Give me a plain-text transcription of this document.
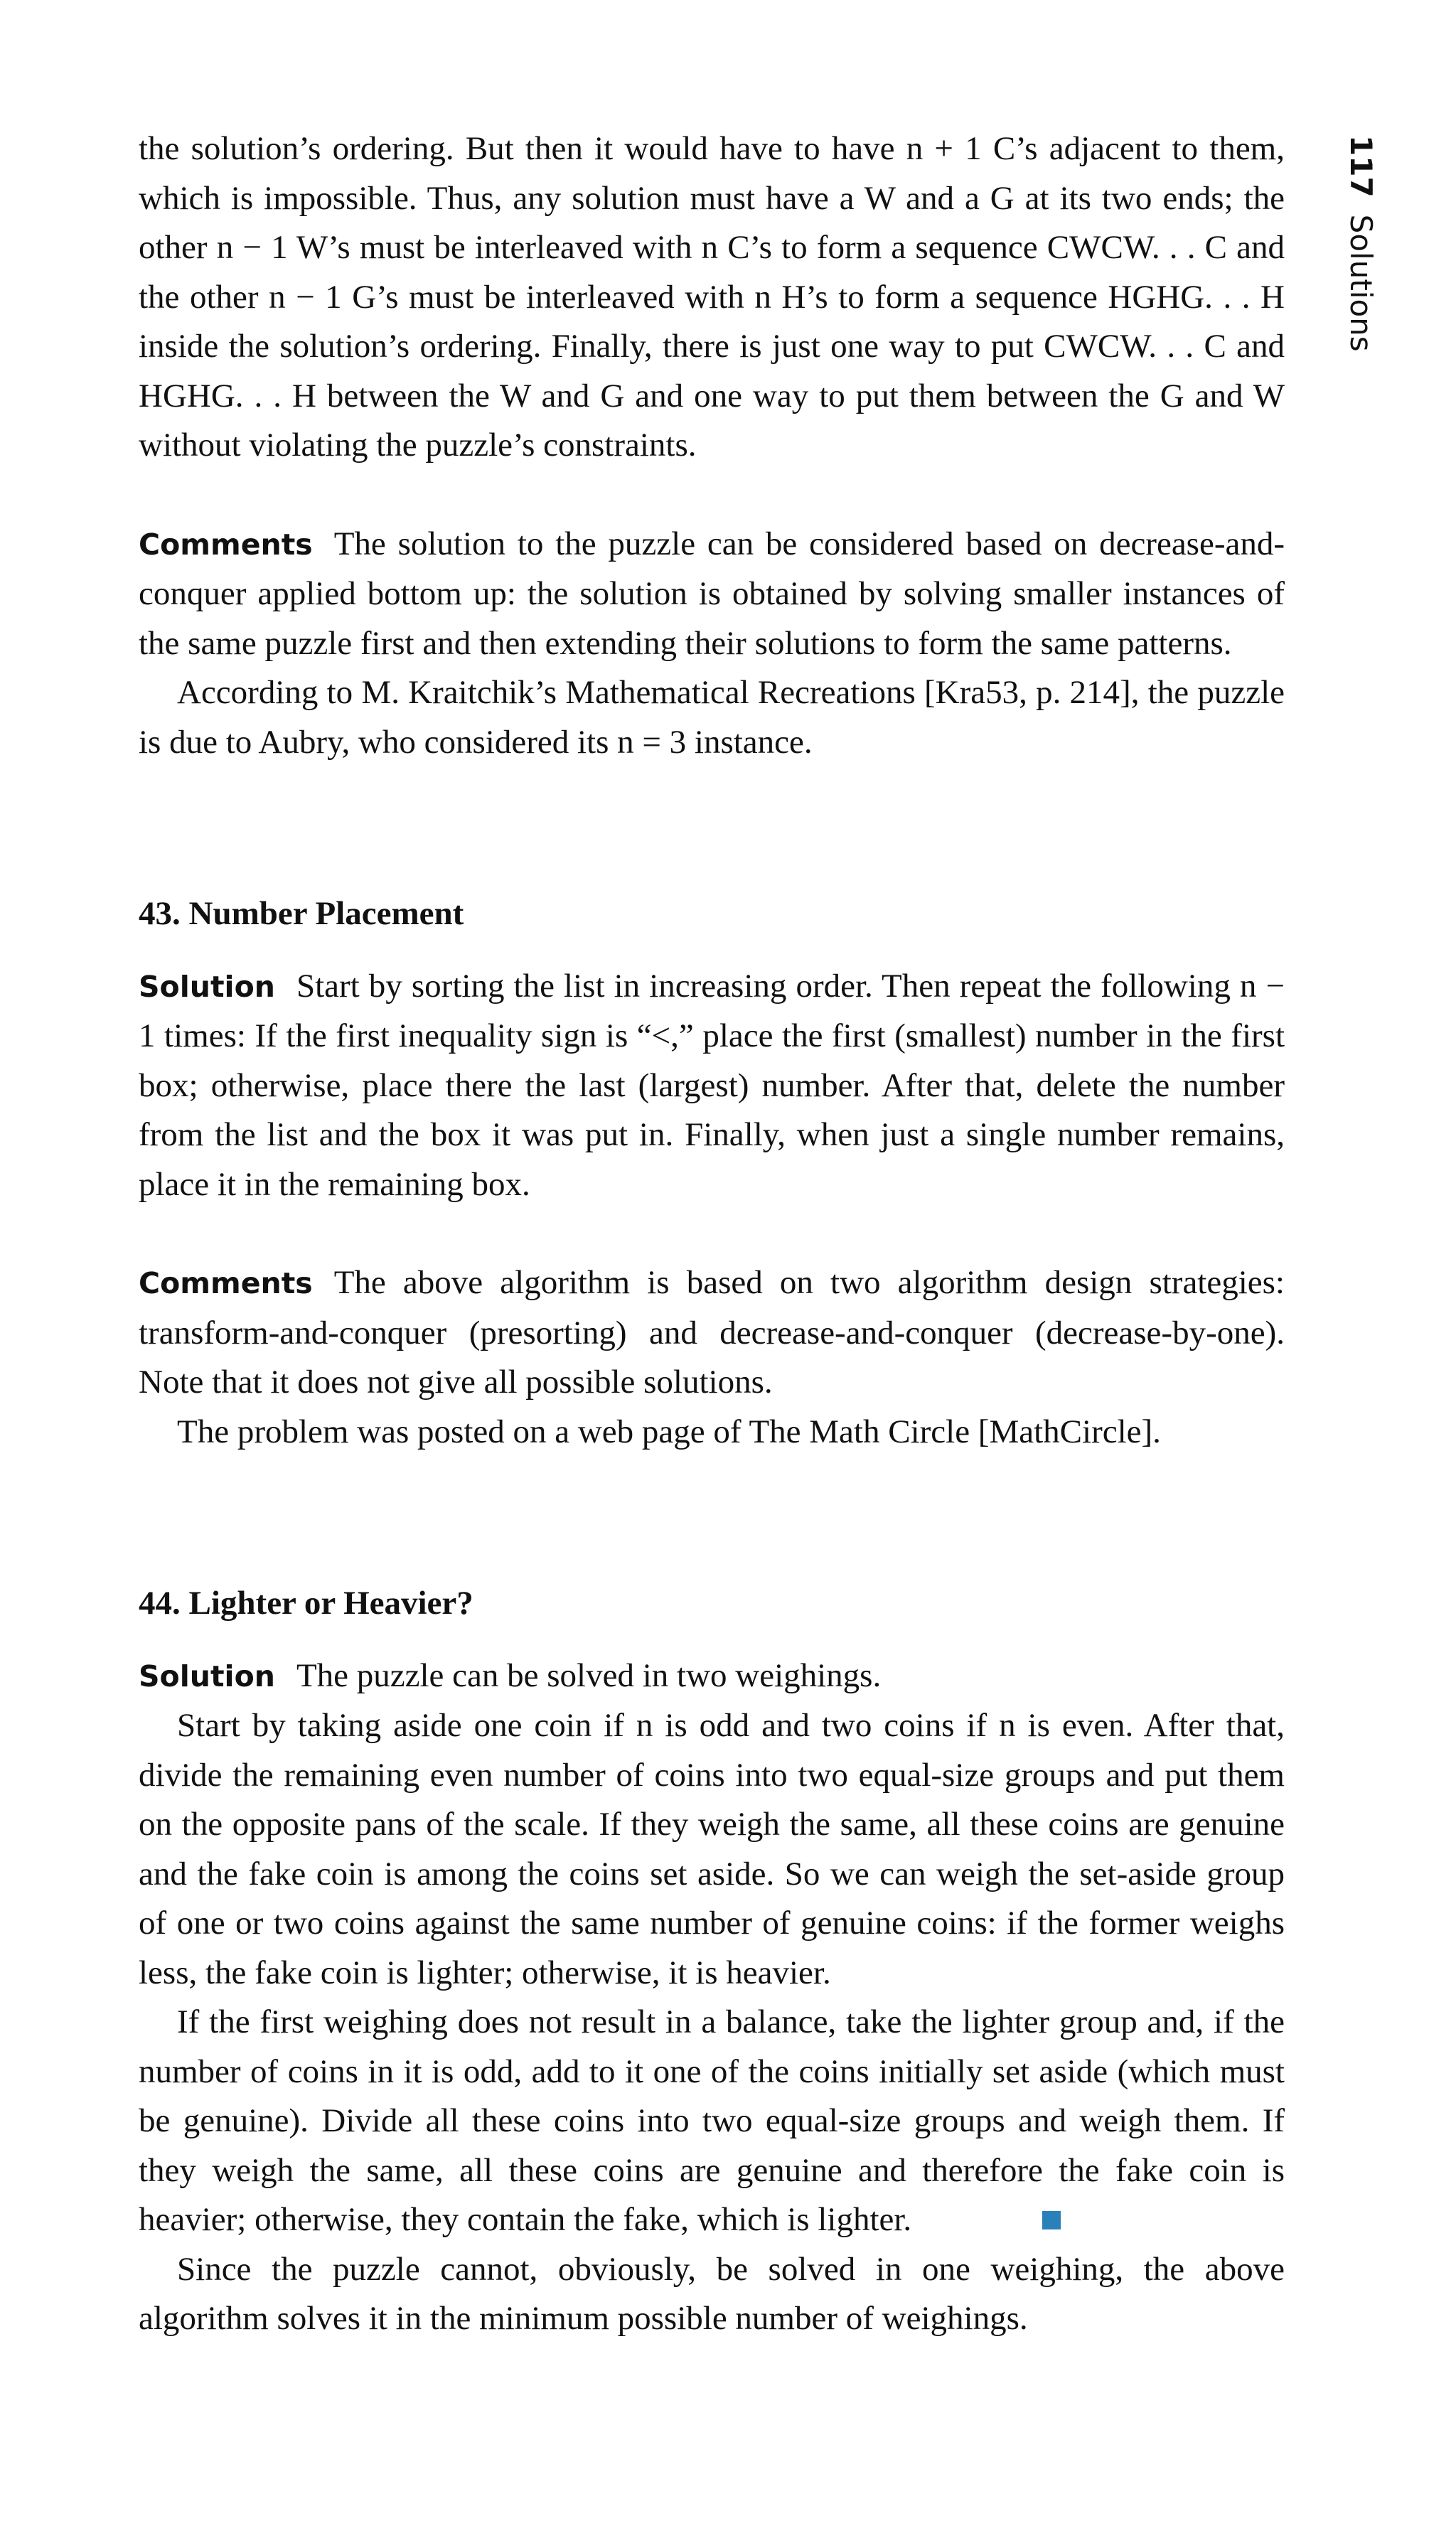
117Solutions

the solution’s ordering. But then it would have to have n + 1 C’s adjacent to them, which is impossible. Thus, any solution must have a W and a G at its two ends; the other n − 1 W’s must be interleaved with n C’s to form a sequence CWCW. . . C and the other n − 1 G’s must be interleaved with n H’s to form a sequence HGHG. . . H inside the solution’s ordering. Finally, there is just one way to put CWCW. . . C and HGHG. . . H between the W and G and one way to put them between the G and W without violating the puzzle’s constraints.

Comments The solution to the puzzle can be considered based on decrease-and-conquer applied bottom up: the solution is obtained by solving smaller instances of the same puzzle first and then extending their solutions to form the same patterns.

According to M. Kraitchik’s Mathematical Recreations [Kra53, p. 214], the puzzle is due to Aubry, who considered its n = 3 instance.

43. Number Placement

Solution Start by sorting the list in increasing order. Then repeat the following n − 1 times: If the first inequality sign is “<,” place the first (smallest) number in the first box; otherwise, place there the last (largest) number. After that, delete the number from the list and the box it was put in. Finally, when just a single number remains, place it in the remaining box.

Comments The above algorithm is based on two algorithm design strategies: transform-and-conquer (presorting) and decrease-and-conquer (decrease-by-one). Note that it does not give all possible solutions.

The problem was posted on a web page of The Math Circle [MathCircle].

44. Lighter or Heavier?

Solution The puzzle can be solved in two weighings.

Start by taking aside one coin if n is odd and two coins if n is even. After that, divide the remaining even number of coins into two equal-size groups and put them on the opposite pans of the scale. If they weigh the same, all these coins are genuine and the fake coin is among the coins set aside. So we can weigh the set-aside group of one or two coins against the same number of genuine coins: if the former weighs less, the fake coin is lighter; otherwise, it is heavier.

If the first weighing does not result in a balance, take the lighter group and, if the number of coins in it is odd, add to it one of the coins initially set aside (which must be genuine). Divide all these coins into two equal-size groups and weigh them. If they weigh the same, all these coins are genuine and therefore the fake coin is heavier; otherwise, they contain the fake, which is lighter.

Since the puzzle cannot, obviously, be solved in one weighing, the above algorithm solves it in the minimum possible number of weighings.
